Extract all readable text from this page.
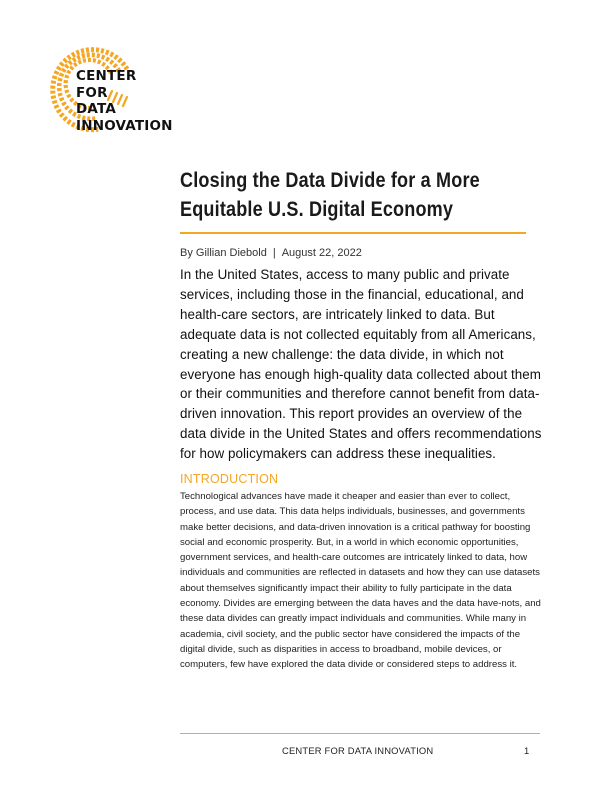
CENTER
FOR
DATA
INNOVATION
Closing the Data Divide for a More Equitable U.S. Digital Economy
By Gillian Diebold | August 22, 2022

In the United States, access to many public and private services, including those in the financial, educational, and health-care sectors, are intricately linked to data. But adequate data is not collected equitably from all Americans, creating a new challenge: the data divide, in which not everyone has enough high-quality data collected about them or their communities and therefore cannot benefit from data-driven innovation. This report provides an overview of the data divide in the United States and offers recommendations for how policymakers can address these inequalities.

INTRODUCTION

Technological advances have made it cheaper and easier than ever to collect, process, and use data. This data helps individuals, businesses, and governments make better decisions, and data-driven innovation is a critical pathway for boosting social and economic prosperity. But, in a world in which economic opportunities, government services, and health-care outcomes are intricately linked to data, how individuals and communities are reflected in datasets and how they can use datasets about themselves significantly impact their ability to fully participate in the data economy. Divides are emerging between the data haves and the data have-nots, and these data divides can greatly impact individuals and communities. While many in academia, civil society, and the public sector have considered the impacts of the digital divide, such as disparities in access to broadband, mobile devices, or computers, few have explored the data divide or considered steps to address it.

CENTER FOR DATA INNOVATION	1
